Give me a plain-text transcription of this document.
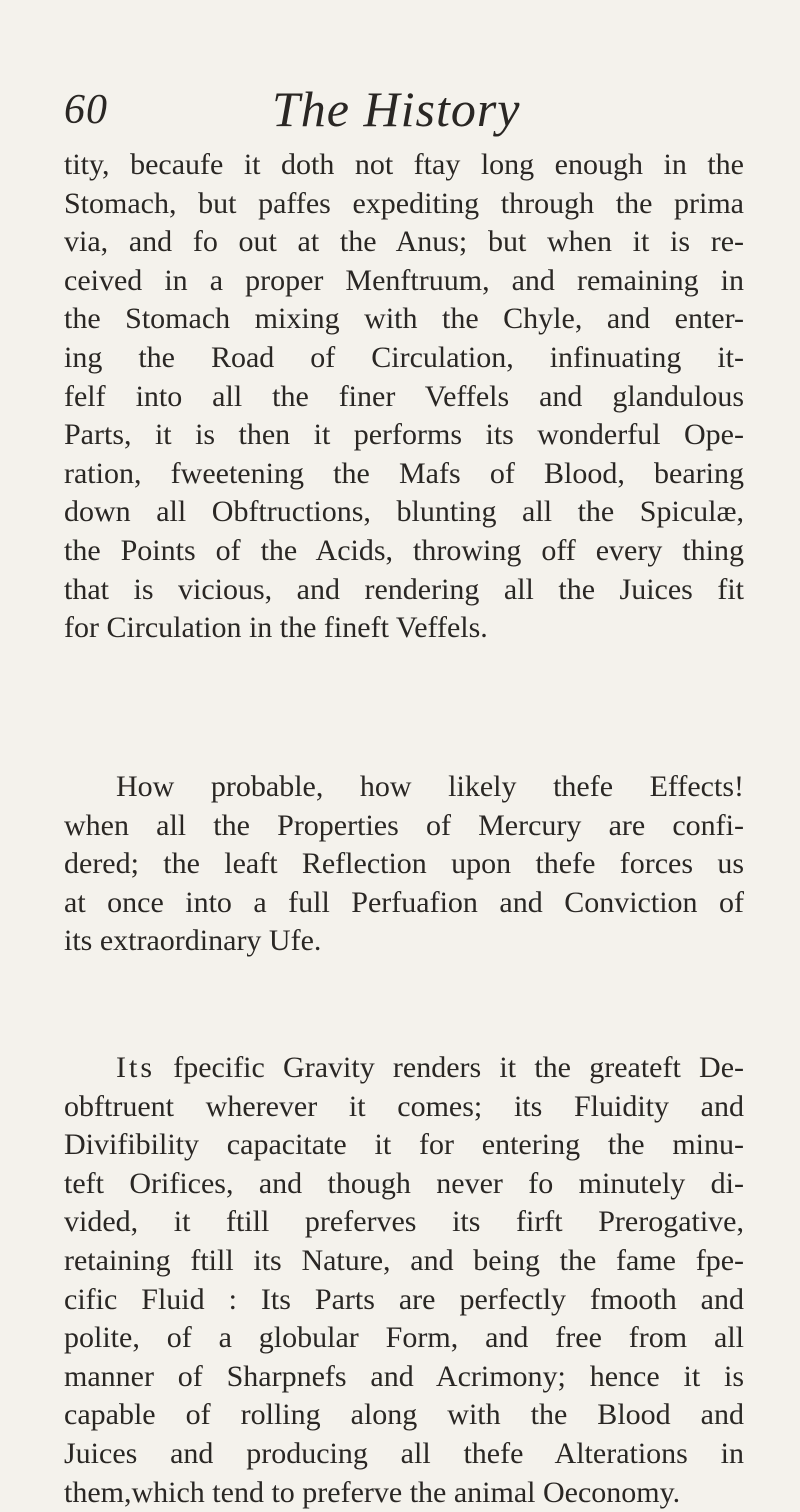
60	The History
tity, becaufe it doth not ftay long enough in the
Stomach, but paffes expediting through the prima
via, and fo out at the Anus; but when it is re-
ceived in a proper Menftruum, and remaining in
the Stomach mixing with the Chyle, and enter-
ing the Road of Circulation, infinuating it-
felf into all the finer Veffels and glandulous
Parts, it is then it performs its wonderful Ope-
ration, fweetening the Mafs of Blood, bearing
down all Obftructions, blunting all the Spiculæ,
the Points of the Acids, throwing off every thing
that is vicious, and rendering all the Juices fit
for Circulation in the fineft Veffels.
How probable, how likely thefe Effects!
when all the Properties of Mercury are confi-
dered; the leaft Reflection upon thefe forces us
at once into a full Perfuafion and Conviction of
its extraordinary Ufe.
Its fpecific Gravity renders it the greateft De-
obftruent wherever it comes; its Fluidity and
Divifibility capacitate it for entering the minu-
teft Orifices, and though never fo minutely di-
vided, it ftill preferves its firft Prerogative,
retaining ftill its Nature, and being the fame fpe-
cific Fluid : Its Parts are perfectly fmooth and
polite, of a globular Form, and free from all
manner of Sharpnefs and Acrimony; hence it is
capable of rolling along with the Blood and
Juices and producing all thefe Alterations in
them,which tend to preferve the animal Oeconomy.
